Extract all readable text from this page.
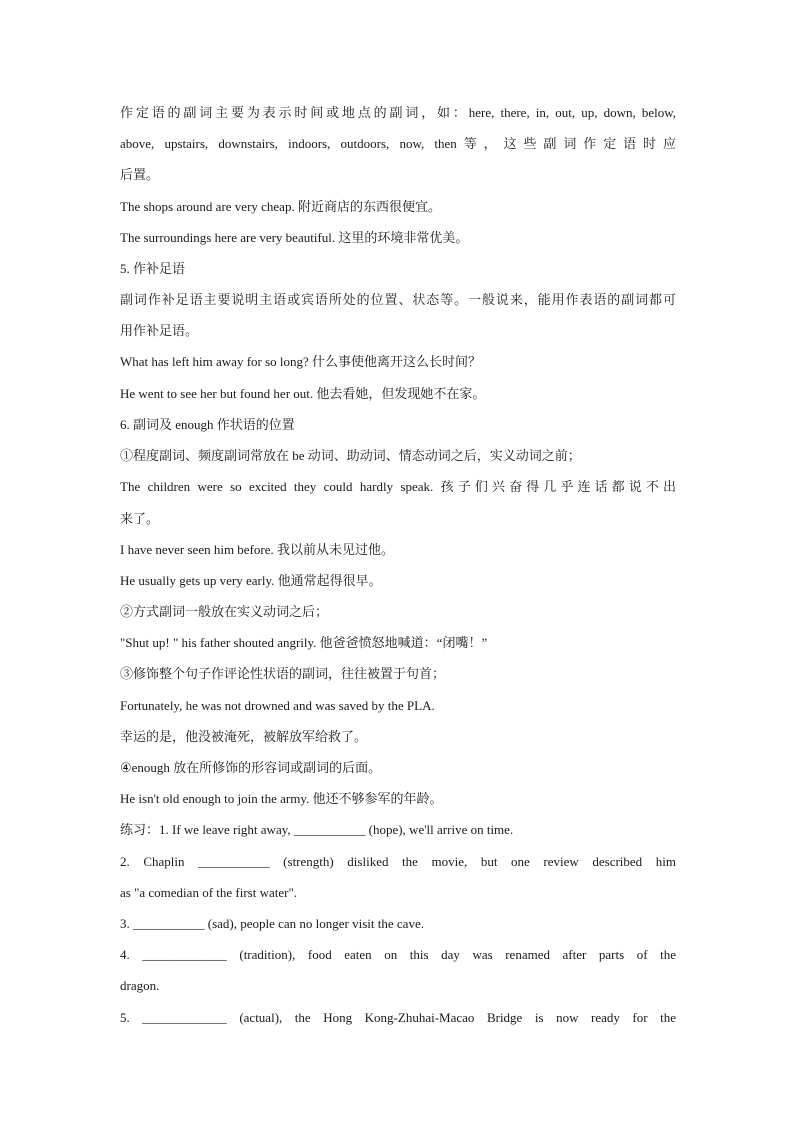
作定语的副词主要为表示时间或地点的副词，如：here, there, in, out, up, down, below,
above, upstairs, downstairs, indoors, outdoors, now, then等，这些副词作定语时应
后置。
The shops around are very cheap. 附近商店的东西很便宜。
The surroundings here are very beautiful. 这里的环境非常优美。
5. 作补足语
副词作补足语主要说明主语或宾语所处的位置、状态等。一般说来，能用作表语的副词都可
用作补足语。
What has left him away for so long? 什么事使他离开这么长时间？
He went to see her but found her out. 他去看她，但发现她不在家。
6. 副词及 enough 作状语的位置
①程度副词、频度副词常放在 be 动词、助动词、情态动词之后，实义动词之前；
The children were so excited they could hardly speak. 孩子们兴奋得几乎连话都说不出
来了。
I have never seen him before. 我以前从未见过他。
He usually gets up very early. 他通常起得很早。
②方式副词一般放在实义动词之后；
"Shut up! " his father shouted angrily. 他爸爸愤怒地喊道：“闭嘴！”
③修饰整个句子作评论性状语的副词，往往被置于句首；
Fortunately, he was not drowned and was saved by the PLA.
幸运的是，他没被淹死，被解放军给救了。
④enough 放在所修饰的形容词或副词的后面。
He isn't old enough to join the army. 他还不够参军的年龄。
练习：1. If we leave right away, ___________ (hope), we'll arrive on time.
2. Chaplin ___________ (strength) disliked the movie, but one review described him
as "a comedian of the first water".
3. ___________ (sad), people can no longer visit the cave.
4. _____________ (tradition), food eaten on this day was renamed after parts of the
dragon.
5. _____________ (actual), the Hong Kong-Zhuhai-Macao Bridge is now ready for the
